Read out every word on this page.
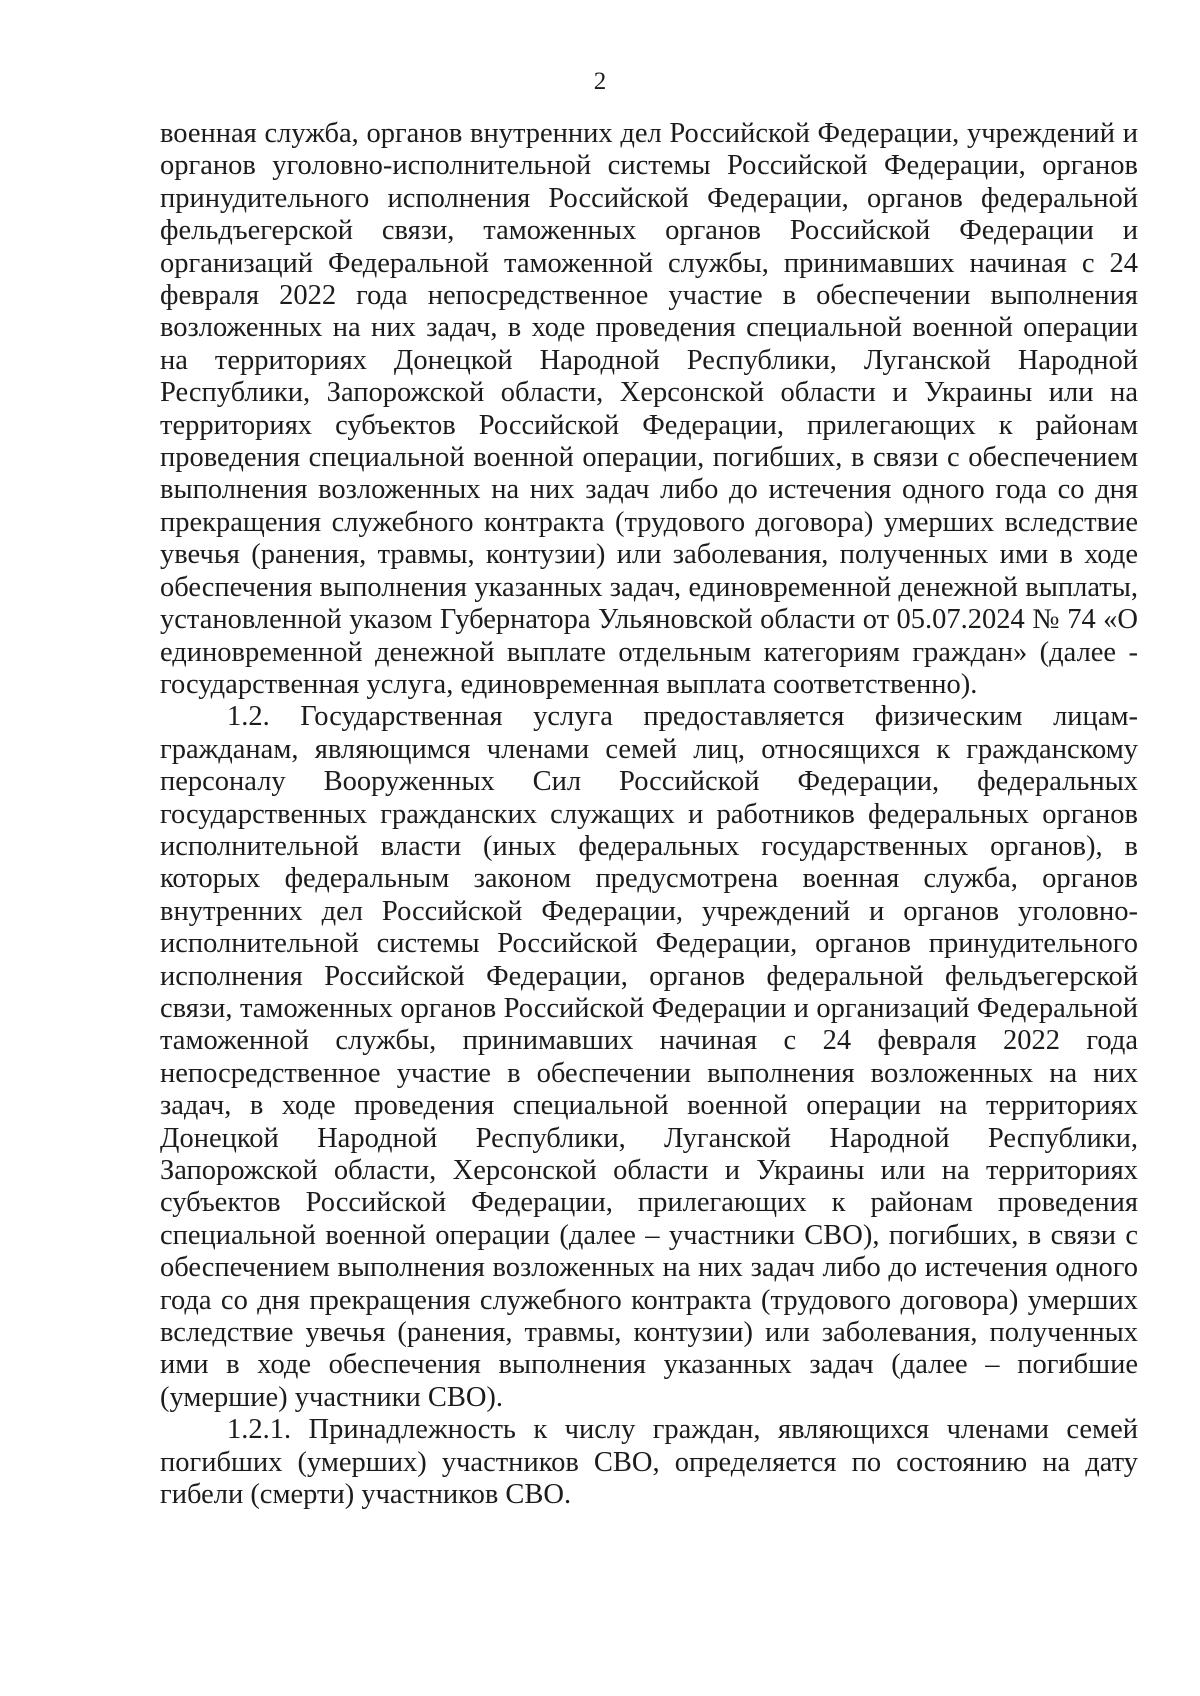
2

военная служба, органов внутренних дел Российской Федерации, учреждений и органов уголовно-исполнительной системы Российской Федерации, органов принудительного исполнения Российской Федерации, органов федеральной фельдъегерской связи, таможенных органов Российской Федерации и организаций Федеральной таможенной службы, принимавших начиная с 24 февраля 2022 года непосредственное участие в обеспечении выполнения возложенных на них задач, в ходе проведения специальной военной операции на территориях Донецкой Народной Республики, Луганской Народной Республики, Запорожской области, Херсонской области и Украины или на территориях субъектов Российской Федерации, прилегающих к районам проведения специальной военной операции, погибших, в связи с обеспечением выполнения возложенных на них задач либо до истечения одного года со дня прекращения служебного контракта (трудового договора) умерших вследствие увечья (ранения, травмы, контузии) или заболевания, полученных ими в ходе обеспечения выполнения указанных задач, единовременной денежной выплаты, установленной указом Губернатора Ульяновской области от 05.07.2024 № 74 «О единовременной денежной выплате отдельным категориям граждан» (далее - государственная услуга, единовременная выплата соответственно).

1.2. Государственная услуга предоставляется физическим лицам-гражданам, являющимся членами семей лиц, относящихся к гражданскому персоналу Вооруженных Сил Российской Федерации, федеральных государственных гражданских служащих и работников федеральных органов исполнительной власти (иных федеральных государственных органов), в которых федеральным законом предусмотрена военная служба, органов внутренних дел Российской Федерации, учреждений и органов уголовно-исполнительной системы Российской Федерации, органов принудительного исполнения Российской Федерации, органов федеральной фельдъегерской связи, таможенных органов Российской Федерации и организаций Федеральной таможенной службы, принимавших начиная с 24 февраля 2022 года непосредственное участие в обеспечении выполнения возложенных на них задач, в ходе проведения специальной военной операции на территориях Донецкой Народной Республики, Луганской Народной Республики, Запорожской области, Херсонской области и Украины или на территориях субъектов Российской Федерации, прилегающих к районам проведения специальной военной операции (далее – участники СВО), погибших, в связи с обеспечением выполнения возложенных на них задач либо до истечения одного года со дня прекращения служебного контракта (трудового договора) умерших вследствие увечья (ранения, травмы, контузии) или заболевания, полученных ими в ходе обеспечения выполнения указанных задач (далее – погибшие (умершие) участники СВО).

1.2.1. Принадлежность к числу граждан, являющихся членами семей погибших (умерших) участников СВО, определяется по состоянию на дату гибели (смерти) участников СВО.
